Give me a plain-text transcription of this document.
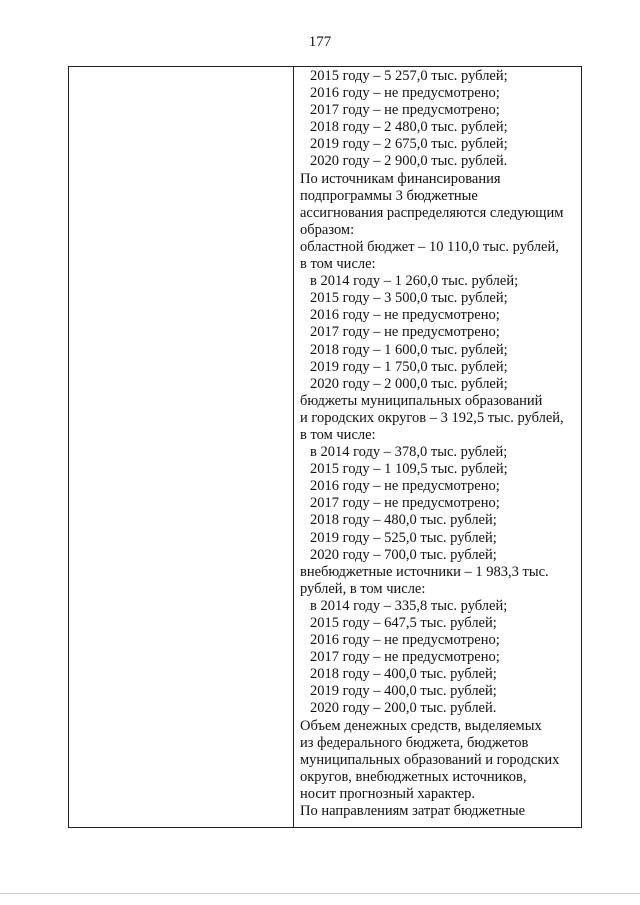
177
2015 году – 5 257,0 тыс. рублей;
2016 году – не предусмотрено;
2017 году – не предусмотрено;
2018 году – 2 480,0 тыс. рублей;
2019 году – 2 675,0 тыс. рублей;
2020 году – 2 900,0 тыс. рублей.
По источникам финансирования
подпрограммы 3 бюджетные
ассигнования распределяются следующим
образом:
областной бюджет – 10 110,0 тыс. рублей,
в том числе:
в 2014 году – 1 260,0 тыс. рублей;
2015 году – 3 500,0 тыс. рублей;
2016 году – не предусмотрено;
2017 году – не предусмотрено;
2018 году – 1 600,0 тыс. рублей;
2019 году – 1 750,0 тыс. рублей;
2020 году – 2 000,0 тыс. рублей;
бюджеты муниципальных образований
и городских округов – 3 192,5 тыс. рублей,
в том числе:
в 2014 году – 378,0 тыс. рублей;
2015 году – 1 109,5 тыс. рублей;
2016 году – не предусмотрено;
2017 году – не предусмотрено;
2018 году – 480,0 тыс. рублей;
2019 году – 525,0 тыс. рублей;
2020 году – 700,0 тыс. рублей;
внебюджетные источники – 1 983,3 тыс.
рублей, в том числе:
в 2014 году – 335,8 тыс. рублей;
2015 году – 647,5 тыс. рублей;
2016 году – не предусмотрено;
2017 году – не предусмотрено;
2018 году – 400,0 тыс. рублей;
2019 году – 400,0 тыс. рублей;
2020 году – 200,0 тыс. рублей.
Объем денежных средств, выделяемых
из федерального бюджета, бюджетов
муниципальных образований и городских
округов, внебюджетных источников,
носит прогнозный характер.
По направлениям затрат бюджетные
